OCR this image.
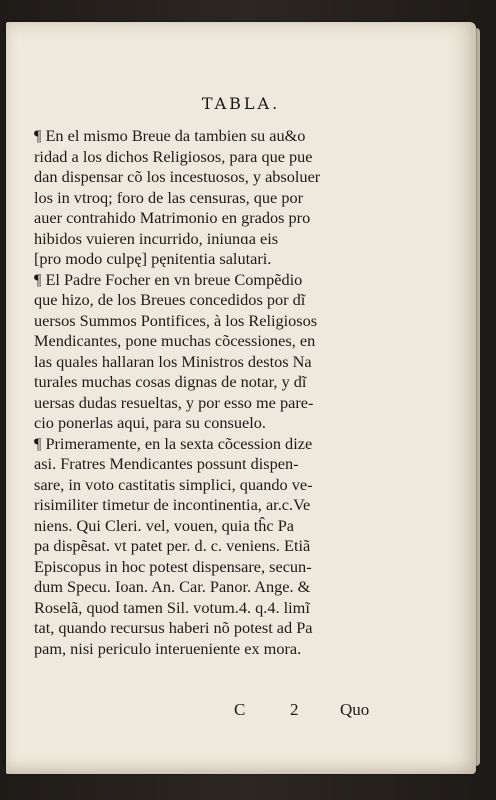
TABLA.
¶ En el mismo Breue da tambien su au&o
ridad a los dichos Religiosos, para que pue
dan dispensar cõ los incestuosos, y absoluer
los in vtroq; foro de las censuras, que por
auer contrahido Matrimonio en grados pro
hibidos vuieren incurrido, iniunɑa eis
[pro modo culpę] pęnitentia salutari.
¶ El Padre Focher en vn breue Compẽdio
que hizo, de los Breues concedidos por dĩ
uersos Summos Pontifices, à los Religiosos
Mendicantes, pone muchas cõcessiones, en
las quales hallaran los Ministros destos Na
turales muchas cosas dignas de notar, y dĩ
uersas dudas resueltas, y por esso me pare-
cio ponerlas aqui, para su consuelo.
¶ Primeramente, en la sexta cõcession dize
asi. Fratres Mendicantes possunt dispen-
sare, in voto castitatis simplici, quando ve-
risimiliter timetur de incontinentia, ar.c.Ve
niens. Qui Cleri. vel, vouen, quia tĥc Pa
pa dispẽsat. vt patet per. d. c. veniens. Etiã
Episcopus in hoc potest dispensare, secun-
dum Specu. Ioan. An. Car. Panor. Ange. &
Roselã, quod tamen Sil. votum.4. q.4. limĩ
tat, quando recursus haberi nõ potest ad Pa
pam, nisi periculo interueniente ex mora.
C	2 Quo
